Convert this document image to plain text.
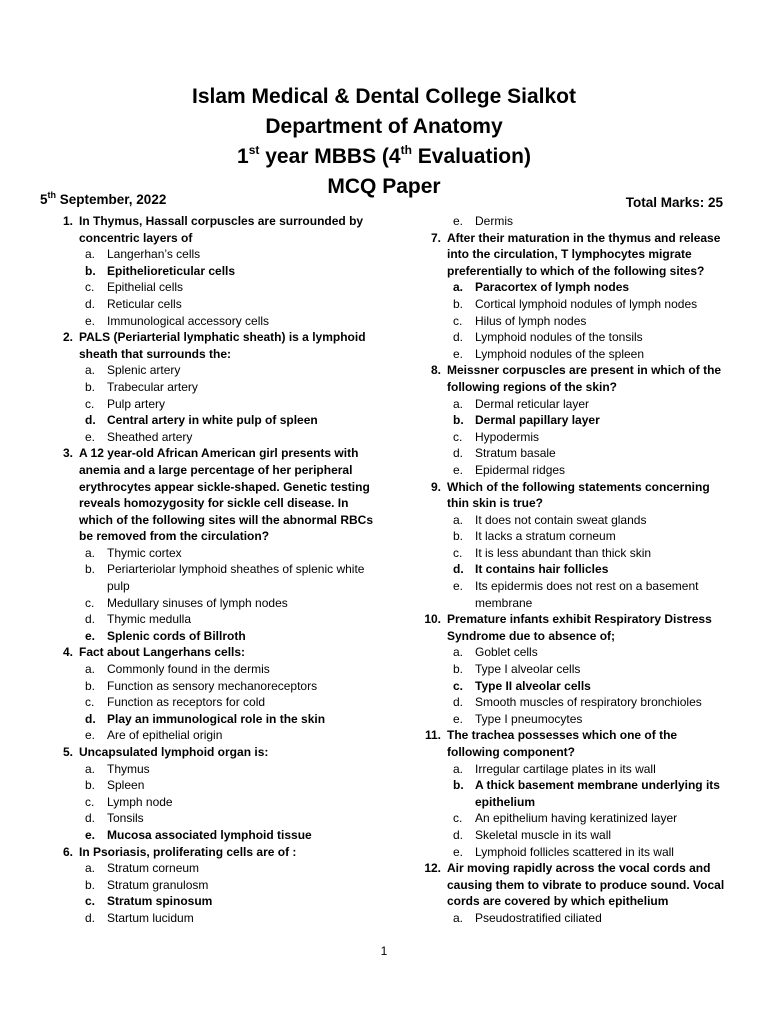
Islam Medical & Dental College Sialkot
Department of Anatomy
1st year MBBS (4th Evaluation)
MCQ Paper
5th September, 2022	Total Marks: 25
1. In Thymus, Hassall corpuscles are surrounded by concentric layers of
a. Langerhan’s cells
b. Epithelioreticular cells
c. Epithelial cells
d. Reticular cells
e. Immunological accessory cells
2. PALS (Periarterial lymphatic sheath) is a lymphoid sheath that surrounds the:
a. Splenic artery
b. Trabecular artery
c. Pulp artery
d. Central artery in white pulp of spleen
e. Sheathed artery
3. A 12 year-old African American girl presents with anemia and a large percentage of her peripheral erythrocytes appear sickle-shaped. Genetic testing reveals homozygosity for sickle cell disease. In which of the following sites will the abnormal RBCs be removed from the circulation?
a. Thymic cortex
b. Periarteriolar lymphoid sheathes of splenic white pulp
c. Medullary sinuses of lymph nodes
d. Thymic medulla
e. Splenic cords of Billroth
4. Fact about Langerhans cells:
a. Commonly found in the dermis
b. Function as sensory mechanoreceptors
c. Function as receptors for cold
d. Play an immunological role in the skin
e. Are of epithelial origin
5. Uncapsulated lymphoid organ is:
a. Thymus
b. Spleen
c. Lymph node
d. Tonsils
e. Mucosa associated lymphoid tissue
6. In Psoriasis, proliferating cells are of :
a. Stratum corneum
b. Stratum granulosm
c. Stratum spinosum
d. Startum lucidum
e. Dermis
7. After their maturation in the thymus and release into the circulation, T lymphocytes migrate preferentially to which of the following sites?
a. Paracortex of lymph nodes
b. Cortical lymphoid nodules of lymph nodes
c. Hilus of lymph nodes
d. Lymphoid nodules of the tonsils
e. Lymphoid nodules of the spleen
8. Meissner corpuscles are present in which of the following regions of the skin?
a. Dermal reticular layer
b. Dermal papillary layer
c. Hypodermis
d. Stratum basale
e. Epidermal ridges
9. Which of the following statements concerning thin skin is true?
a. It does not contain sweat glands
b. It lacks a stratum corneum
c. It is less abundant than thick skin
d. It contains hair follicles
e. Its epidermis does not rest on a basement membrane
10. Premature infants exhibit Respiratory Distress Syndrome due to absence of;
a. Goblet cells
b. Type I alveolar cells
c. Type II alveolar cells
d. Smooth muscles of respiratory bronchioles
e. Type I pneumocytes
11. The trachea possesses which one of the following component?
a. Irregular cartilage plates in its wall
b. A thick basement membrane underlying its epithelium
c. An epithelium having keratinized layer
d. Skeletal muscle in its wall
e. Lymphoid follicles scattered in its wall
12. Air moving rapidly across the vocal cords and causing them to vibrate to produce sound. Vocal cords are covered by which epithelium
a. Pseudostratified ciliated
1
